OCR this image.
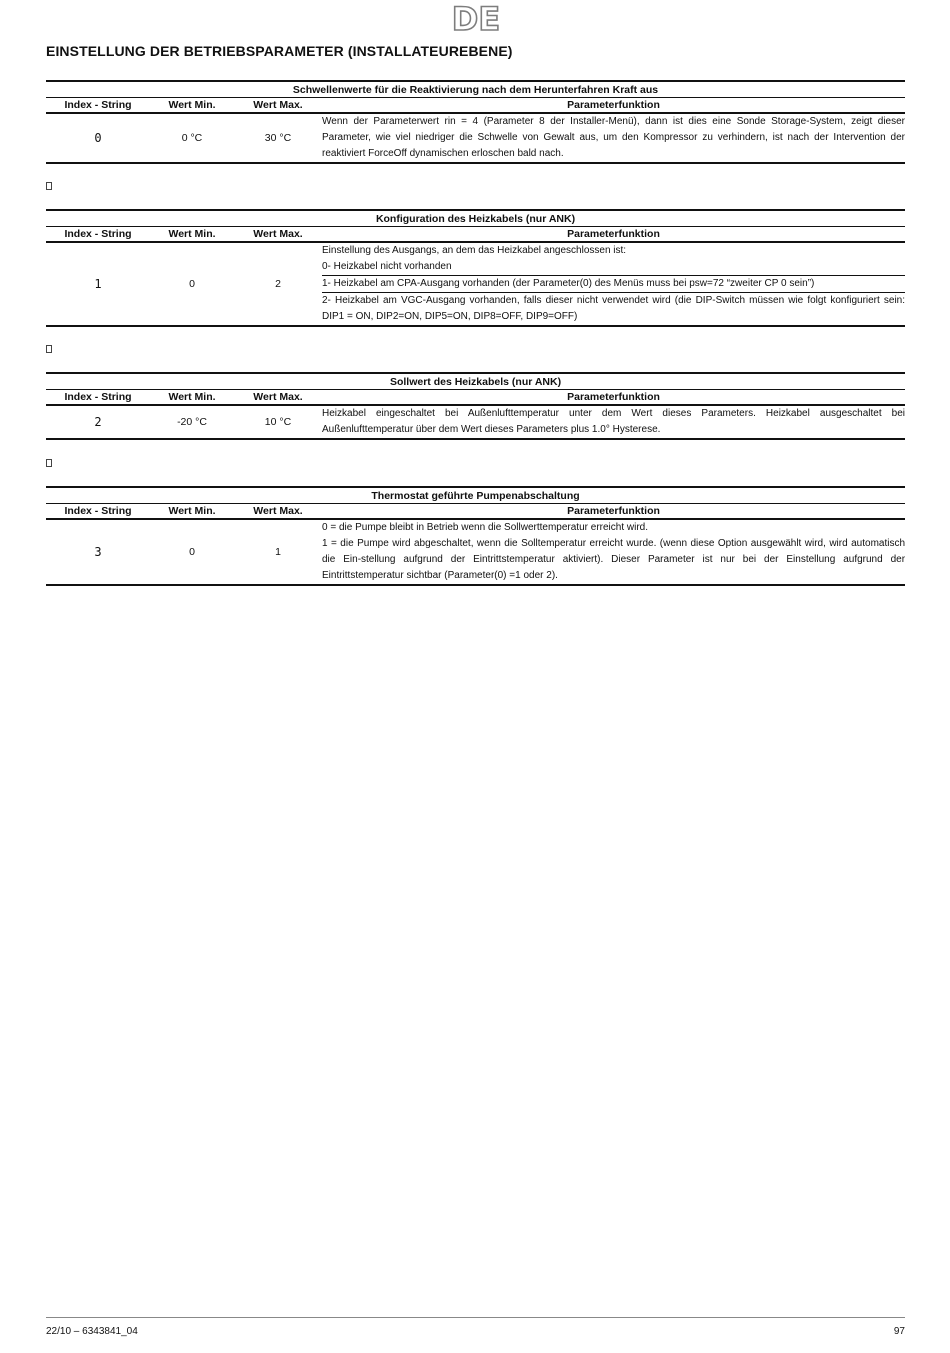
DE
EINSTELLUNG DER BETRIEBSPARAMETER (INSTALLATEUREBENE)
Schwellenwerte für die Reaktivierung nach dem Herunterfahren Kraft aus			
Index - String	Wert Min.	Wert Max.	Parameterfunktion
0	0 °C	30 °C	Wenn der Parameterwert rin = 4 (Parameter 8 der Installer-Menü), dann ist dies eine Sonde Storage-System, zeigt dieser Parameter, wie viel niedriger die Schwelle von Gewalt aus, um den Kompressor zu verhindern, ist nach der Intervention der reaktiviert ForceOff dynamischen erloschen bald nach.
Konfiguration des Heizkabels (nur ANK)			
Index - String	Wert Min.	Wert Max.	Parameterfunktion
1	0	2	Einstellung des Ausgangs, an dem das Heizkabel angeschlossen ist:
0- Heizkabel nicht vorhanden
1- Heizkabel am CPA-Ausgang vorhanden (der Parameter(0) des Menüs muss bei psw=72 “zweiter CP 0 sein”)
2- Heizkabel am VGC-Ausgang vorhanden, falls dieser nicht verwendet wird (die DIP-Switch müssen wie folgt konfiguriert sein: DIP1 = ON, DIP2=ON, DIP5=ON, DIP8=OFF, DIP9=OFF)
Sollwert des Heizkabels (nur ANK)			
Index - String	Wert Min.	Wert Max.	Parameterfunktion
2	-20 °C	10 °C	Heizkabel eingeschaltet bei Außenlufttemperatur unter dem Wert dieses Parameters. Heizkabel ausgeschaltet bei Außenlufttemperatur über dem Wert dieses Parameters plus 1.0° Hysterese.
Thermostat geführte Pumpenabschaltung			
Index - String	Wert Min.	Wert Max.	Parameterfunktion
3	0	1	0 = die Pumpe bleibt in Betrieb wenn die Sollwerttemperatur erreicht wird.
1 = die Pumpe wird abgeschaltet, wenn die Solltemperatur erreicht wurde. (wenn diese Option ausgewählt wird, wird automatisch die Ein-stellung aufgrund der Eintrittstemperatur aktiviert). Dieser Parameter ist nur bei der Einstellung aufgrund der Eintrittstemperatur sichtbar (Parameter(0) =1 oder 2).
22/10 – 6343841_04	97
